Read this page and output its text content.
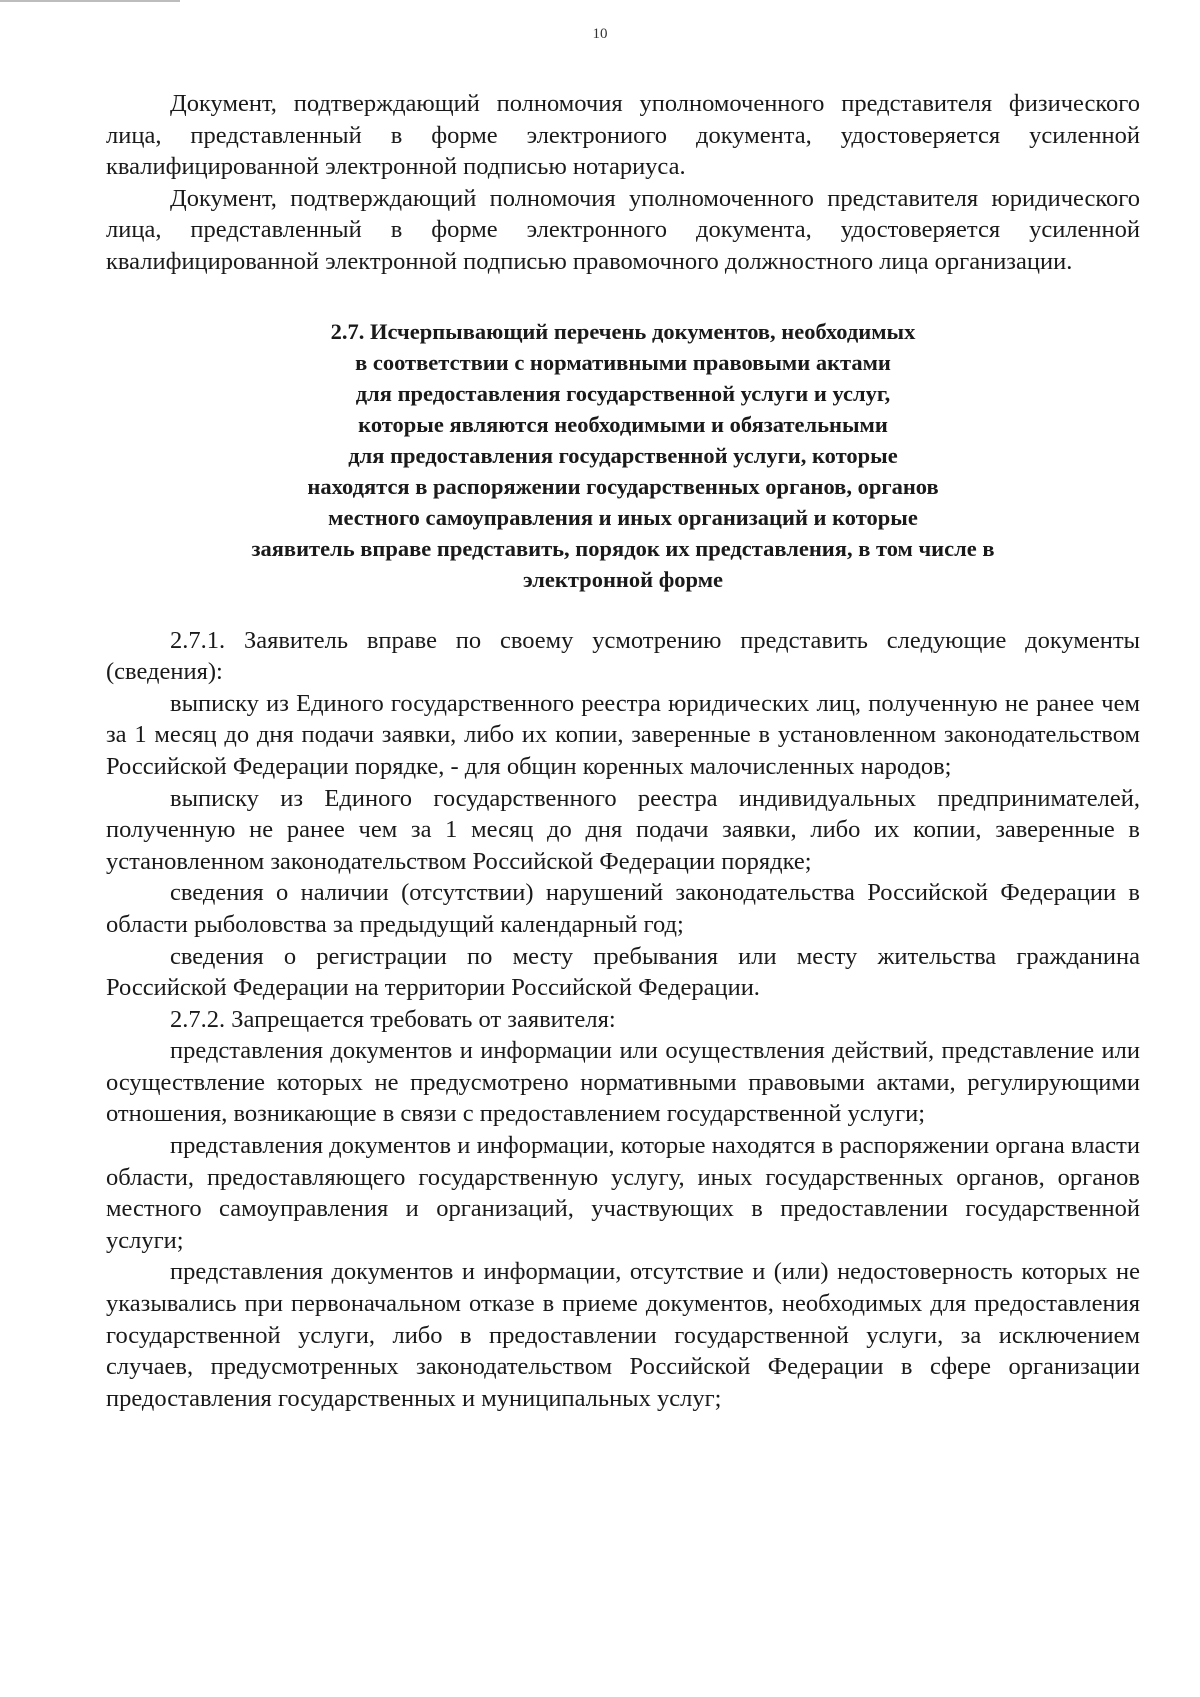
10

Документ, подтверждающий полномочия уполномоченного представителя физического лица, представленный в форме электрониого документа, удостоверяется усиленной квалифицированной электронной подписью нотариуса.

Документ, подтверждающий полномочия уполномоченного представителя юридического лица, представленный в форме электронного документа, удостоверяется усиленной квалифицированной электронной подписью правомочного должностного лица организации.

2.7. Исчерпывающий перечень документов, необходимых
в соответствии с нормативными правовыми актами
для предоставления государственной услуги и услуг,
которые являются необходимыми и обязательными
для предоставления государственной услуги, которые
находятся в распоряжении государственных органов, органов
местного самоуправления и иных организаций и которые
заявитель вправе представить, порядок их представления, в том числе в
электронной форме

2.7.1. Заявитель вправе по своему усмотрению представить следующие документы (сведения):

выписку из Единого государственного реестра юридических лиц, полученную не ранее чем за 1 месяц до дня подачи заявки, либо их копии, заверенные в установленном законодательством Российской Федерации порядке, - для общин коренных малочисленных народов;

выписку из Единого государственного реестра индивидуальных предпринимателей, полученную не ранее чем за 1 месяц до дня подачи заявки, либо их копии, заверенные в установленном законодательством Российской Федерации порядке;

сведения о наличии (отсутствии) нарушений законодательства Российской Федерации в области рыболовства за предыдущий календарный год;

сведения о регистрации по месту пребывания или месту жительства гражданина Российской Федерации на территории Российской Федерации.

2.7.2. Запрещается требовать от заявителя:

представления документов и информации или осуществления действий, представление или осуществление которых не предусмотрено нормативными правовыми актами, регулирующими отношения, возникающие в связи с предоставлением государственной услуги;

представления документов и информации, которые находятся в распоряжении органа власти области, предоставляющего государственную услугу, иных государственных органов, органов местного самоуправления и организаций, участвующих в предоставлении государственной услуги;

представления документов и информации, отсутствие и (или) недостоверность которых не указывались при первоначальном отказе в приеме документов, необходимых для предоставления государственной услуги, либо в предоставлении государственной услуги, за исключением случаев, предусмотренных законодательством Российской Федерации в сфере организации предоставления государственных и муниципальных услуг;
